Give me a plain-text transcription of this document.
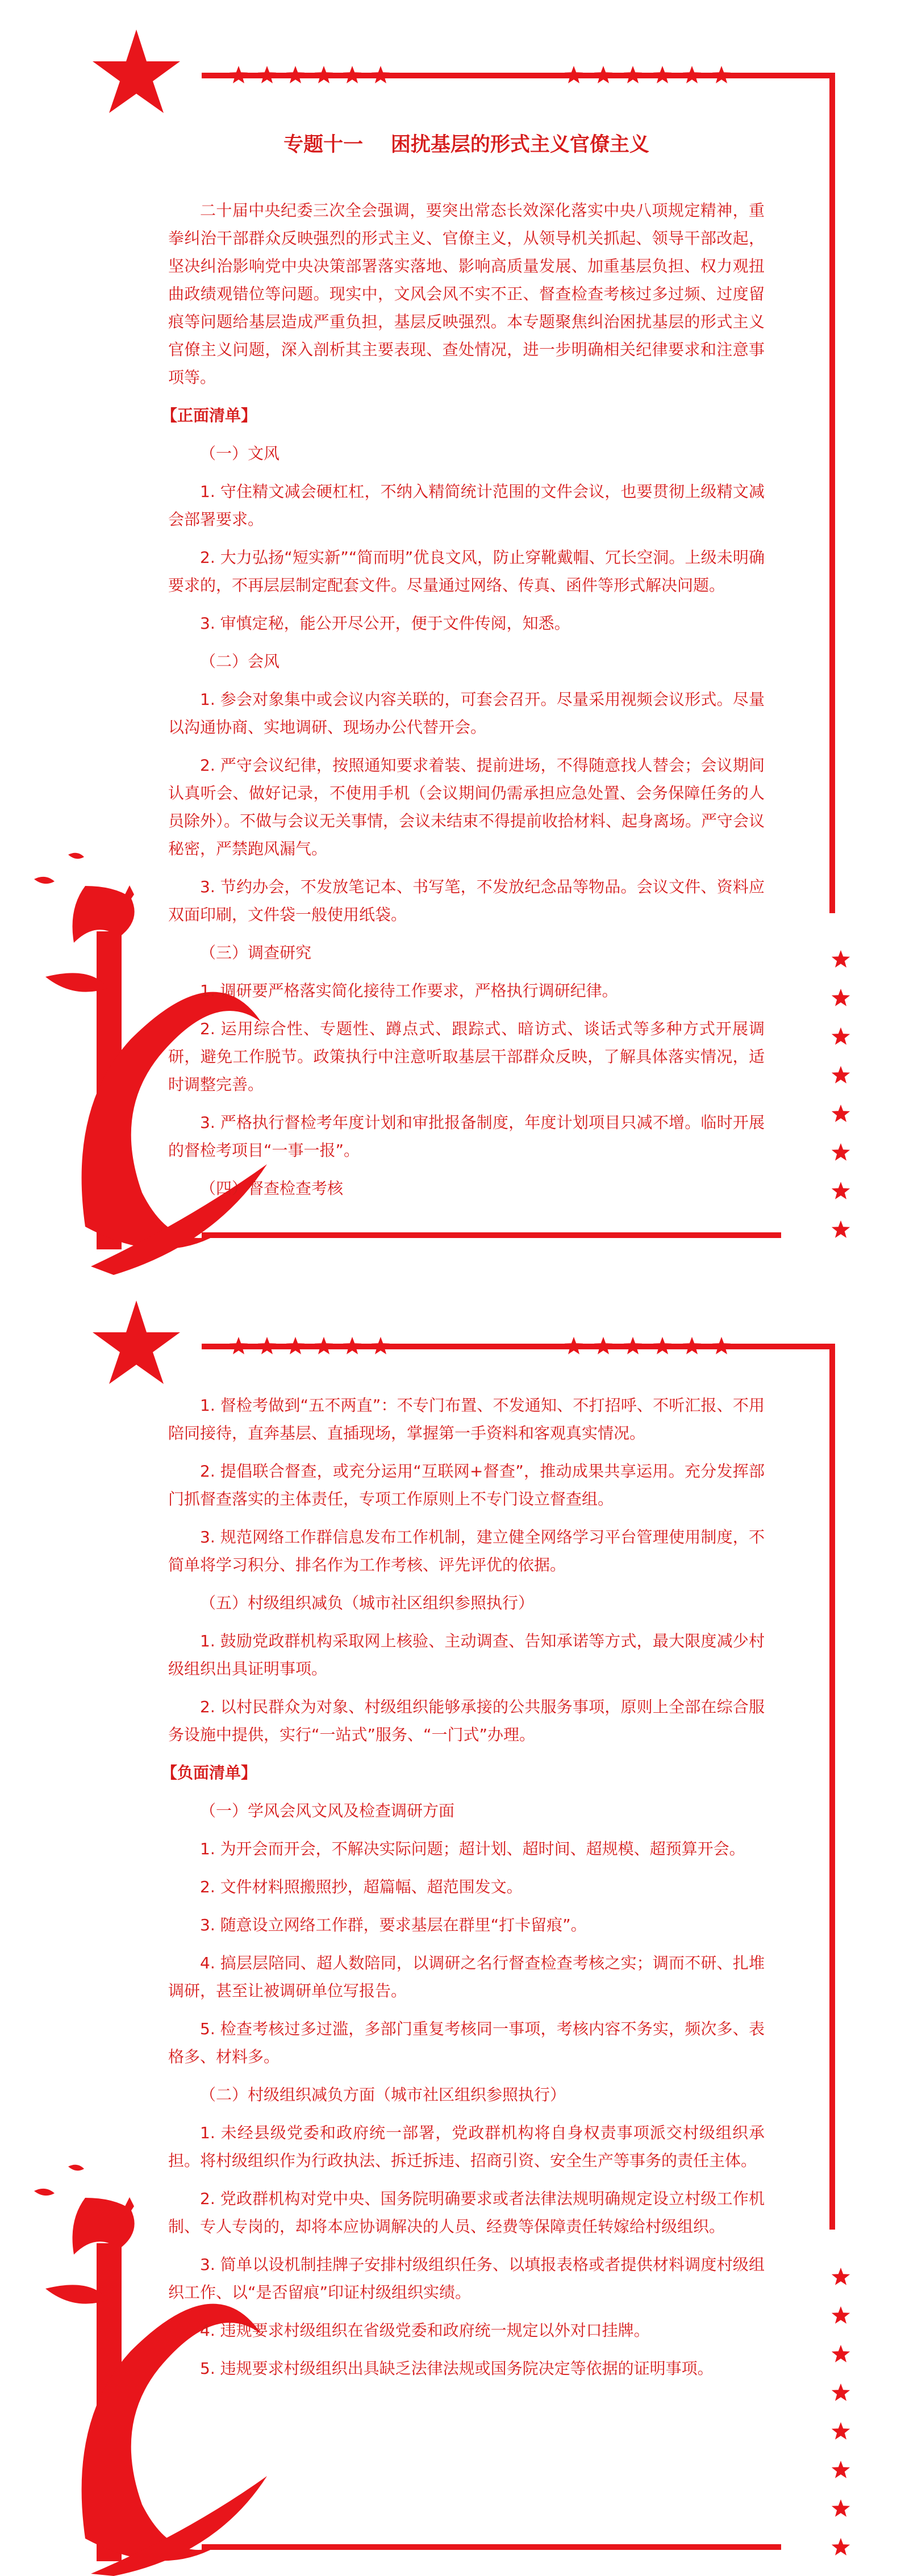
专题十一    困扰基层的形式主义官僚主义
二十届中央纪委三次全会强调，要突出常态长效深化落实中央八项规定精神，重拳纠治干部群众反映强烈的形式主义、官僚主义，从领导机关抓起、领导干部改起，坚决纠治影响党中央决策部署落实落地、影响高质量发展、加重基层负担、权力观扭曲政绩观错位等问题。现实中，文风会风不实不正、督查检查考核过多过频、过度留痕等问题给基层造成严重负担，基层反映强烈。本专题聚焦纠治困扰基层的形式主义官僚主义问题，深入剖析其主要表现、查处情况，进一步明确相关纪律要求和注意事项等。
【正面清单】
（一）文风
1. 守住精文减会硬杠杠，不纳入精简统计范围的文件会议，也要贯彻上级精文减会部署要求。
2. 大力弘扬“短实新”“简而明”优良文风，防止穿靴戴帽、冗长空洞。上级未明确要求的，不再层层制定配套文件。尽量通过网络、传真、函件等形式解决问题。
3. 审慎定秘，能公开尽公开，便于文件传阅，知悉。
（二）会风
1. 参会对象集中或会议内容关联的，可套会召开。尽量采用视频会议形式。尽量以沟通协商、实地调研、现场办公代替开会。
2. 严守会议纪律，按照通知要求着装、提前进场，不得随意找人替会；会议期间认真听会、做好记录，不使用手机（会议期间仍需承担应急处置、会务保障任务的人员除外）。不做与会议无关事情，会议未结束不得提前收拾材料、起身离场。严守会议秘密，严禁跑风漏气。
3. 节约办会，不发放笔记本、书写笔，不发放纪念品等物品。会议文件、资料应双面印刷，文件袋一般使用纸袋。
（三）调查研究
1. 调研要严格落实简化接待工作要求，严格执行调研纪律。
2. 运用综合性、专题性、蹲点式、跟踪式、暗访式、谈话式等多种方式开展调研，避免工作脱节。政策执行中注意听取基层干部群众反映，了解具体落实情况，适时调整完善。
3. 严格执行督检考年度计划和审批报备制度，年度计划项目只减不增。临时开展的督检考项目“一事一报”。
（四）督查检查考核
1. 督检考做到“五不两直”：不专门布置、不发通知、不打招呼、不听汇报、不用陪同接待，直奔基层、直插现场，掌握第一手资料和客观真实情况。
2. 提倡联合督查，或充分运用“互联网+督查”，推动成果共享运用。充分发挥部门抓督查落实的主体责任，专项工作原则上不专门设立督查组。
3. 规范网络工作群信息发布工作机制，建立健全网络学习平台管理使用制度，不简单将学习积分、排名作为工作考核、评先评优的依据。
（五）村级组织减负（城市社区组织参照执行）
1. 鼓励党政群机构采取网上核验、主动调查、告知承诺等方式，最大限度减少村级组织出具证明事项。
2. 以村民群众为对象、村级组织能够承接的公共服务事项，原则上全部在综合服务设施中提供，实行“一站式”服务、“一门式”办理。
【负面清单】
（一）学风会风文风及检查调研方面
1. 为开会而开会，不解决实际问题；超计划、超时间、超规模、超预算开会。
2. 文件材料照搬照抄，超篇幅、超范围发文。
3. 随意设立网络工作群，要求基层在群里“打卡留痕”。
4. 搞层层陪同、超人数陪同，以调研之名行督查检查考核之实；调而不研、扎堆调研，甚至让被调研单位写报告。
5. 检查考核过多过滥，多部门重复考核同一事项，考核内容不务实，频次多、表格多、材料多。
（二）村级组织减负方面（城市社区组织参照执行）
1. 未经县级党委和政府统一部署，党政群机构将自身权责事项派交村级组织承担。将村级组织作为行政执法、拆迁拆违、招商引资、安全生产等事务的责任主体。
2. 党政群机构对党中央、国务院明确要求或者法律法规明确规定设立村级工作机制、专人专岗的，却将本应协调解决的人员、经费等保障责任转嫁给村级组织。
3. 简单以设机制挂牌子安排村级组织任务、以填报表格或者提供材料调度村级组织工作、以“是否留痕”印证村级组织实绩。
4. 违规要求村级组织在省级党委和政府统一规定以外对口挂牌。
5. 违规要求村级组织出具缺乏法律法规或国务院决定等依据的证明事项。
